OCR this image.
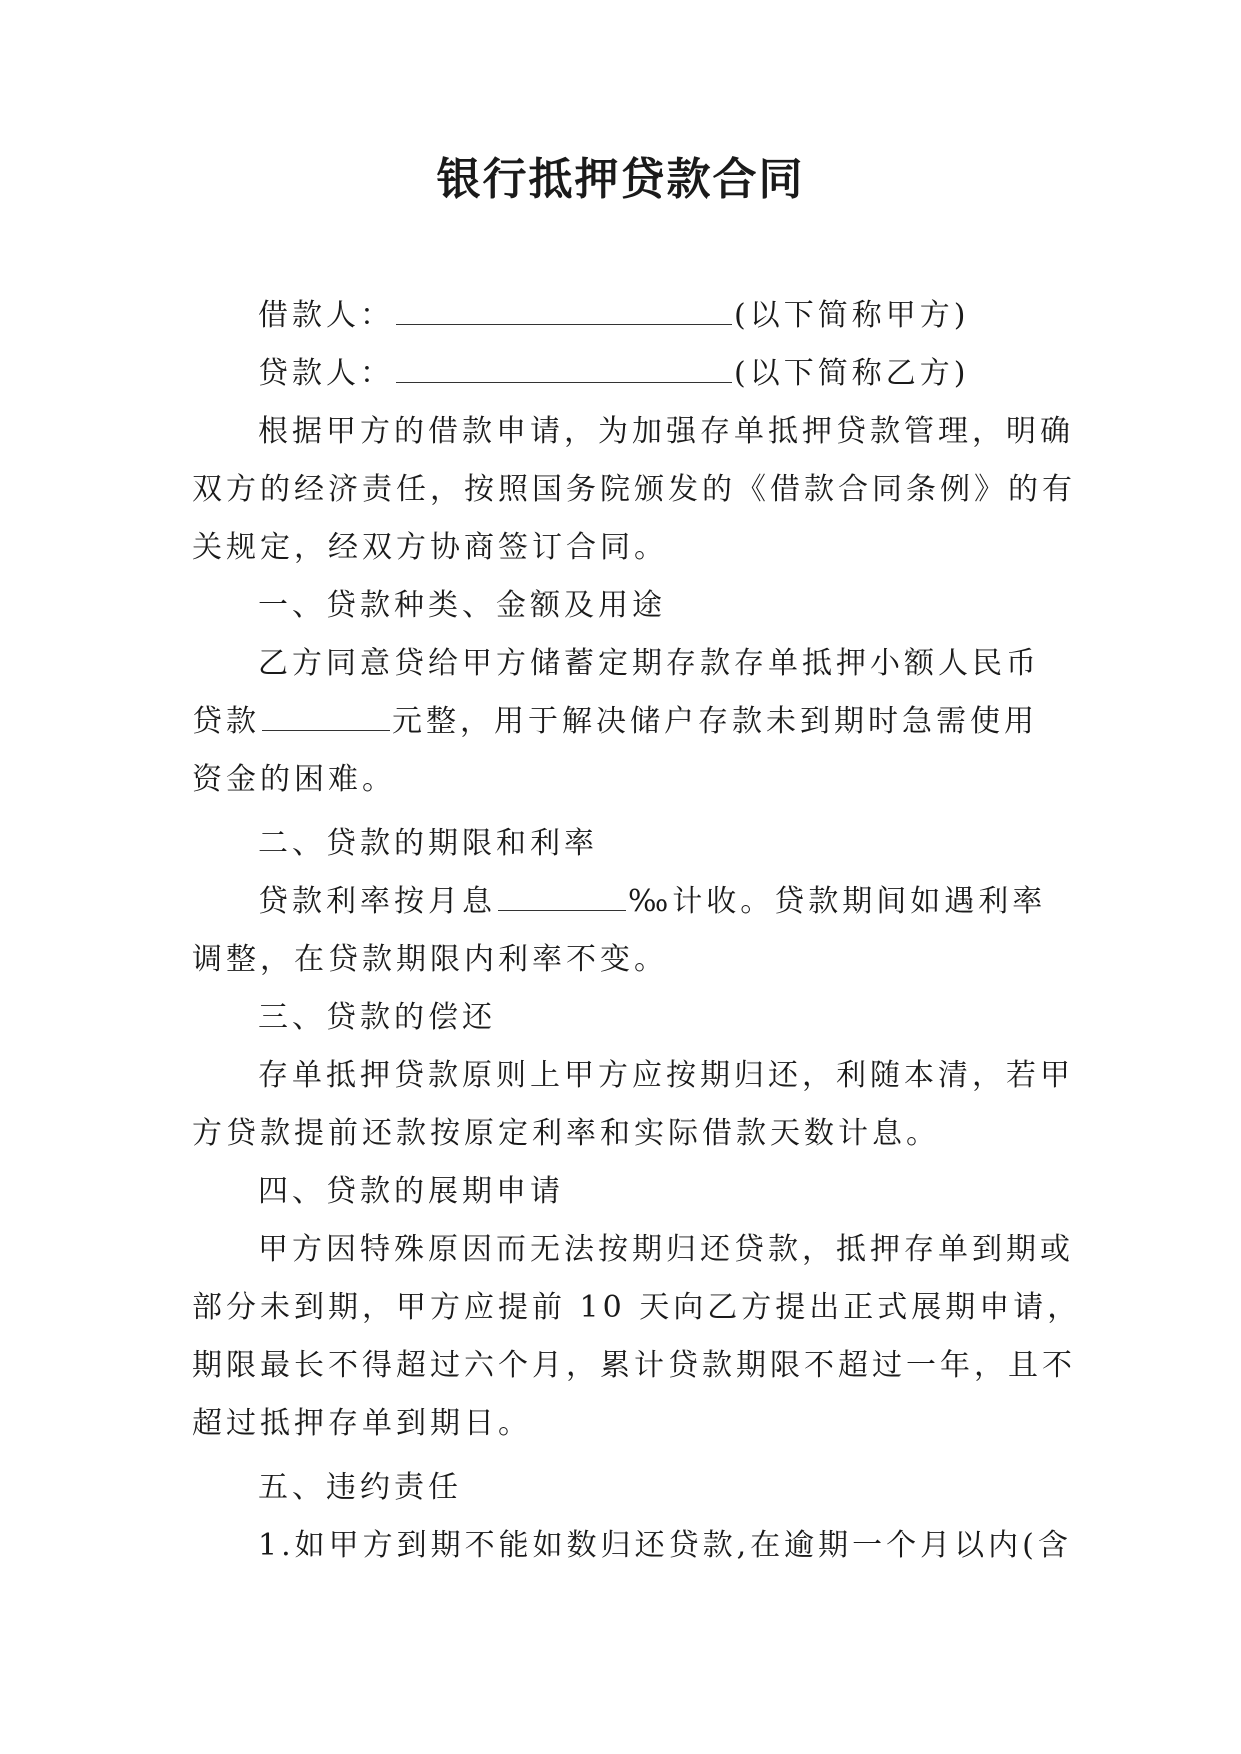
银行抵押贷款合同
借款人：	(以下简称甲方)
贷款人：	(以下简称乙方)
根据甲方的借款申请，为加强存单抵押贷款管理，明确
双方的经济责任，按照国务院颁发的《借款合同条例》的有
关规定，经双方协商签订合同。
一、贷款种类、金额及用途
乙方同意贷给甲方储蓄定期存款存单抵押小额人民币
贷款	元整，用于解决储户存款未到期时急需使用
资金的困难。
二、贷款的期限和利率
贷款利率按月息	‰计收。贷款期间如遇利率
调整，在贷款期限内利率不变。
三、贷款的偿还
存单抵押贷款原则上甲方应按期归还，利随本清，若甲
方贷款提前还款按原定利率和实际借款天数计息。
四、贷款的展期申请
甲方因特殊原因而无法按期归还贷款，抵押存单到期或
部分未到期，甲方应提前 10 天向乙方提出正式展期申请，
期限最长不得超过六个月，累计贷款期限不超过一年，且不
超过抵押存单到期日。
五、违约责任
1.如甲方到期不能如数归还贷款,在逾期一个月以内(含
